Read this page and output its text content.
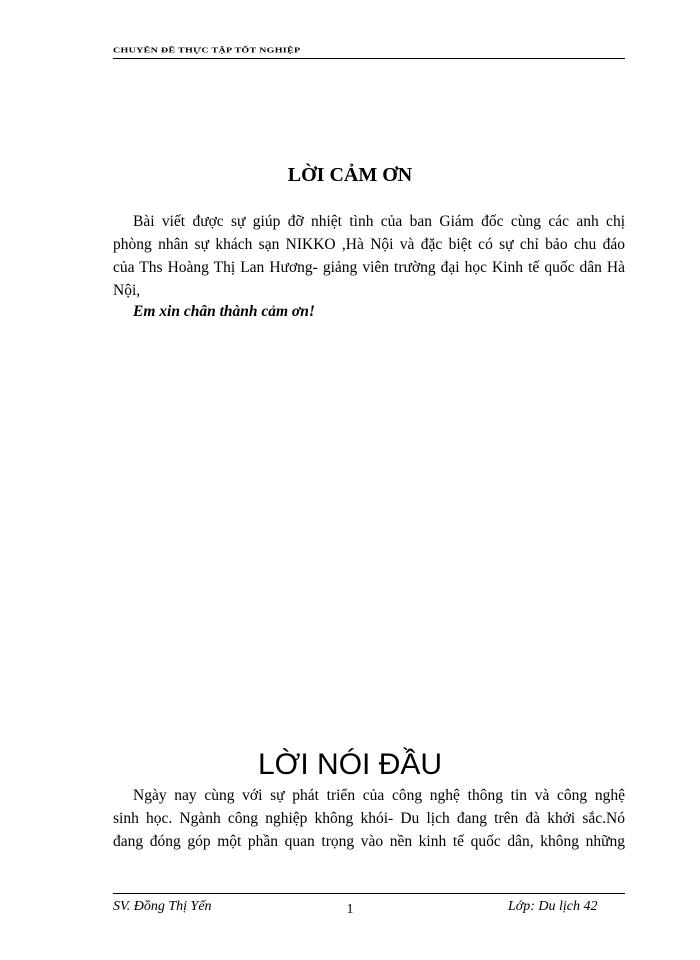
CHUYÊN ĐỀ THỰC TẬP TỐT NGHIỆP
LỜI CẢM ƠN
Bài viết được sự giúp đỡ nhiệt tình của ban Giám đốc cùng các anh chị
phòng nhân sự khách sạn NIKKO ,Hà Nội và đặc biệt có sự chỉ bảo chu đáo
của Ths Hoàng Thị Lan Hương- giảng viên trường đại học Kinh tế quốc dân Hà
Nội,
Em xin chân thành cảm ơn!
LỜI NÓI ĐẦU
Ngày nay cùng với sự phát triển của công nghệ thông tin và công nghệ
sinh học. Ngành công nghiệp không khói- Du lịch đang trên đà khởi sắc.Nó
đang đóng góp một phần quan trọng vào nền kinh tế quốc dân, không những
SV. Đồng Thị Yến	1	Lớp: Du lịch 42
